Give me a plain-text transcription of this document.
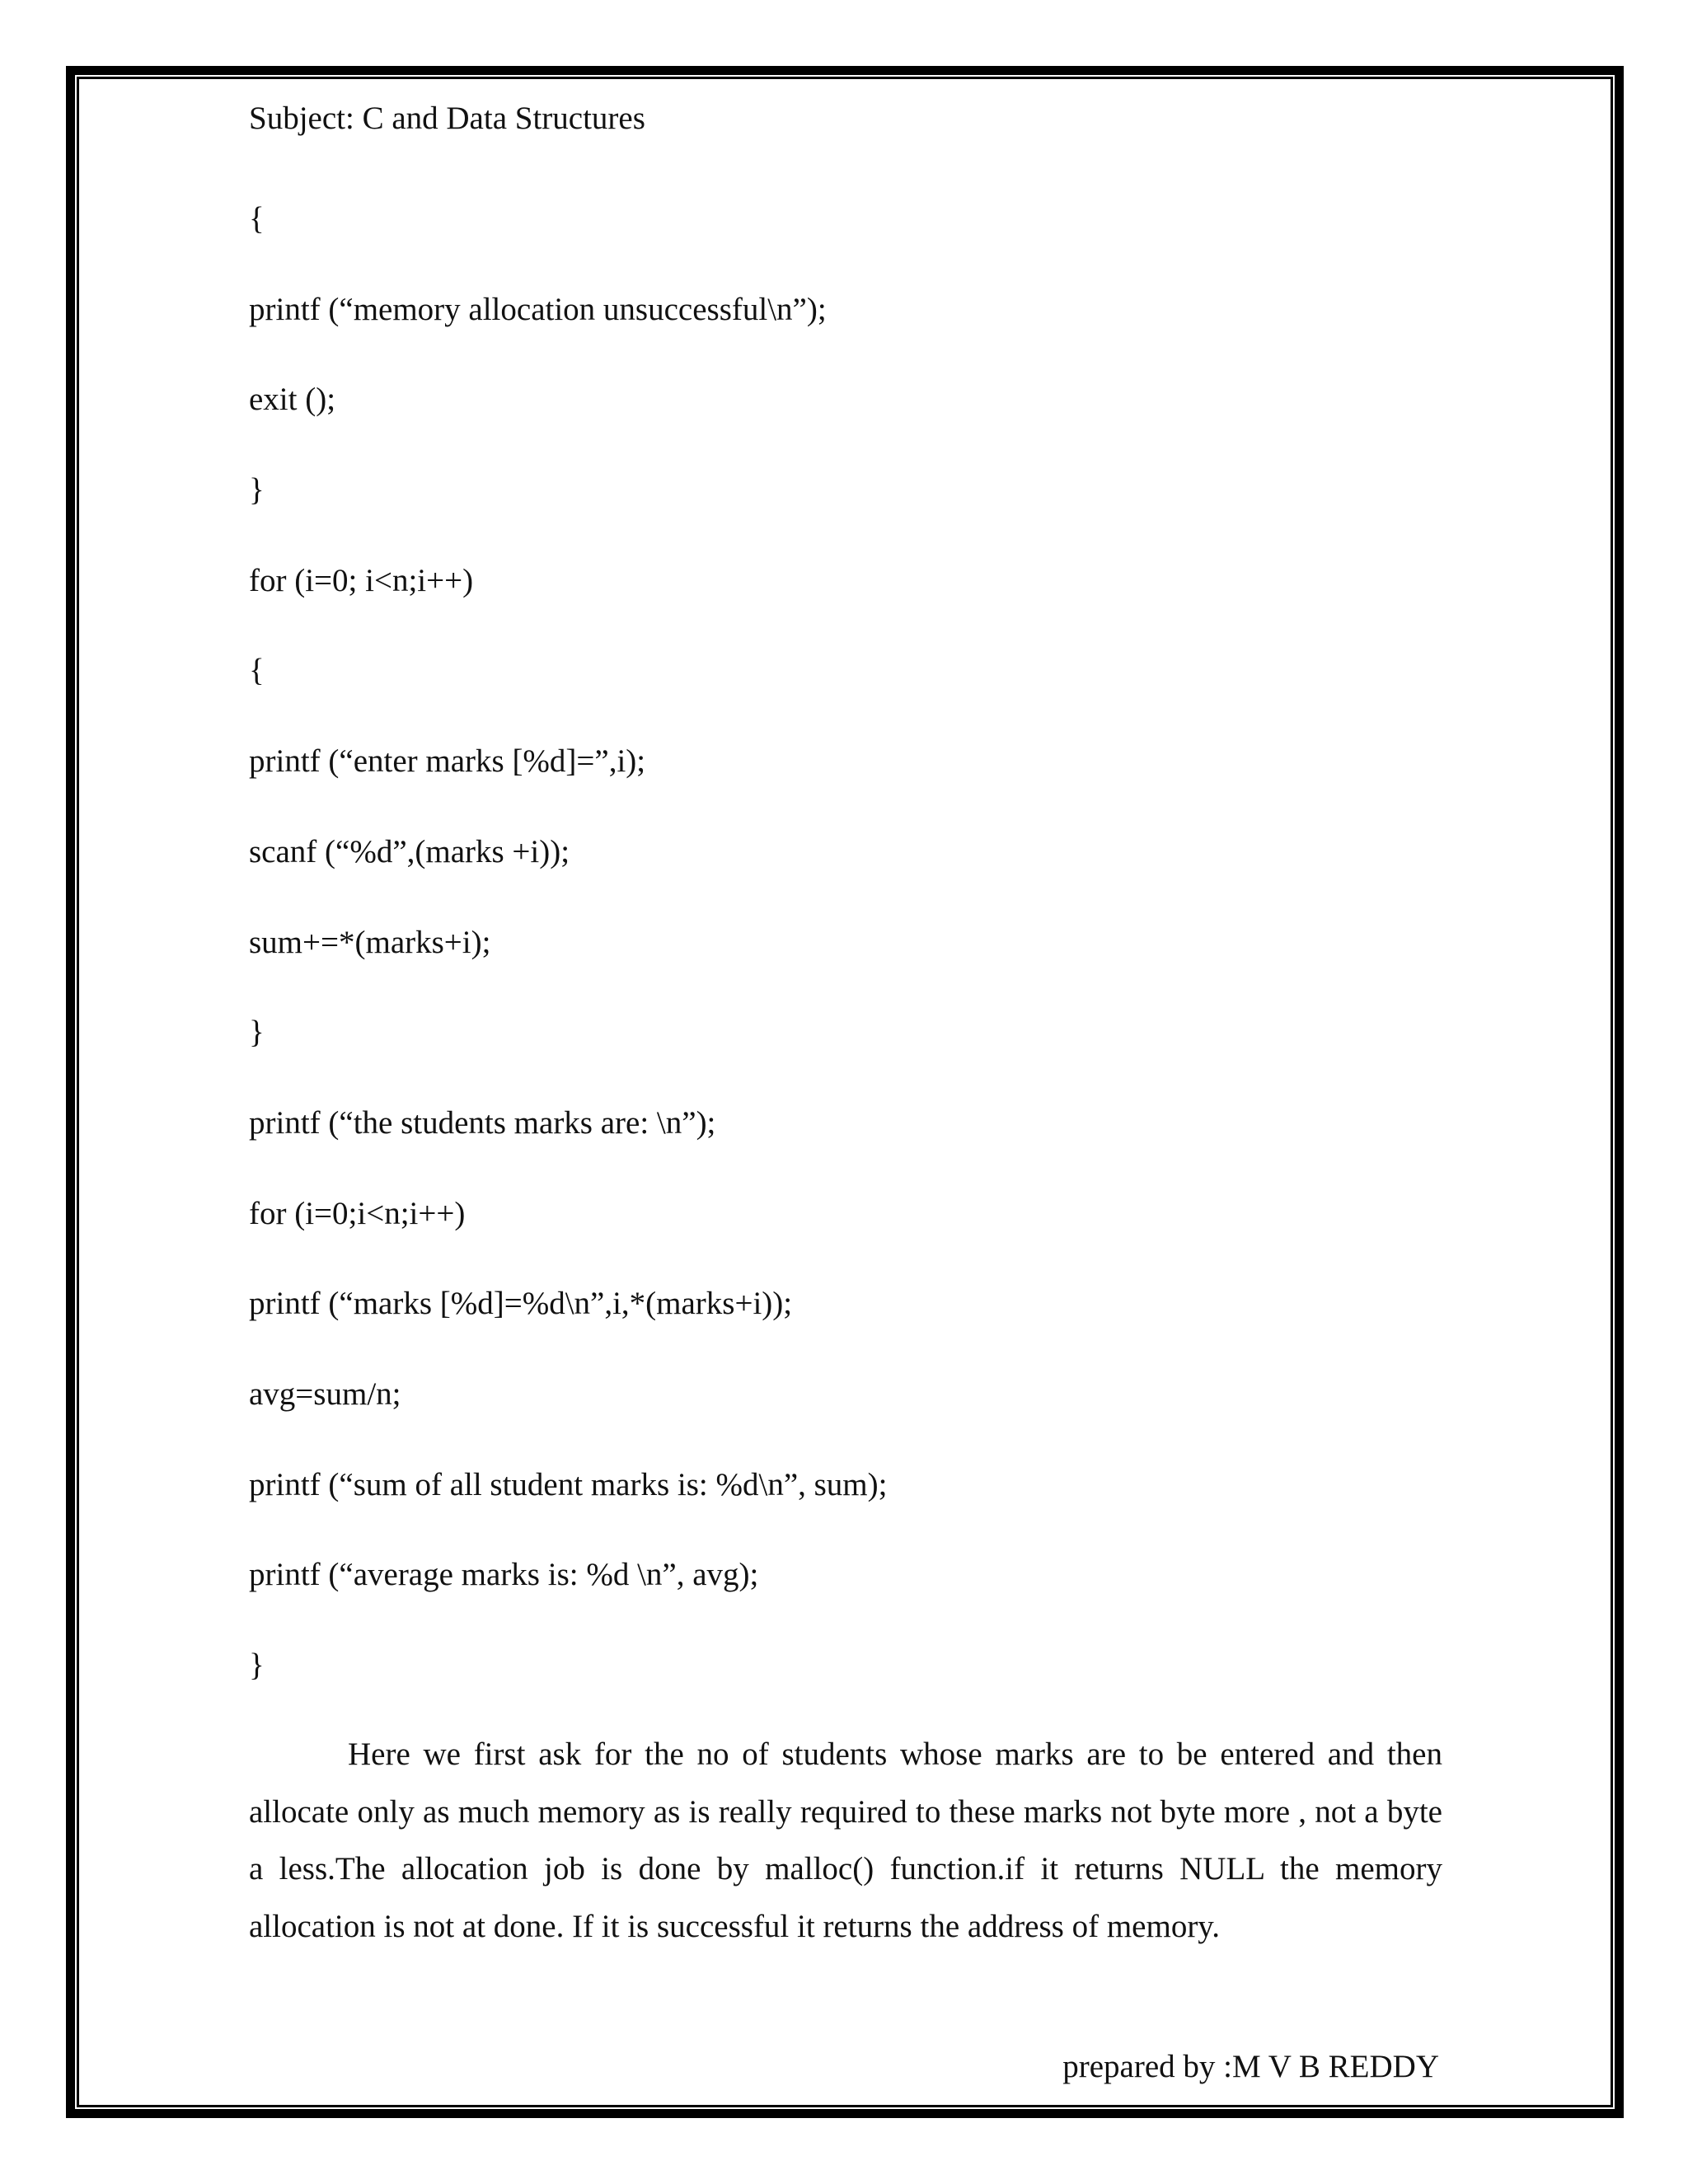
Subject: C and Data Structures
{
printf (“memory allocation unsuccessful\n”);
exit ();
}
for (i=0; i<n;i++)
{
printf (“enter marks [%d]=”,i);
scanf (“%d”,(marks +i));
sum+=*(marks+i);
}
printf (“the students marks are: \n”);
for (i=0;i<n;i++)
printf (“marks [%d]=%d\n”,i,*(marks+i));
avg=sum/n;
printf (“sum of all student marks is: %d\n”, sum);
printf (“average marks is: %d \n”, avg);
}
Here we first ask for the no of students whose marks are to be entered and then allocate only as much memory as is really required to these marks not byte more , not a byte a less.The allocation job is done by malloc() function.if it returns NULL the memory allocation is not at done. If it is successful it returns the address of memory.
prepared by :M V B REDDY
